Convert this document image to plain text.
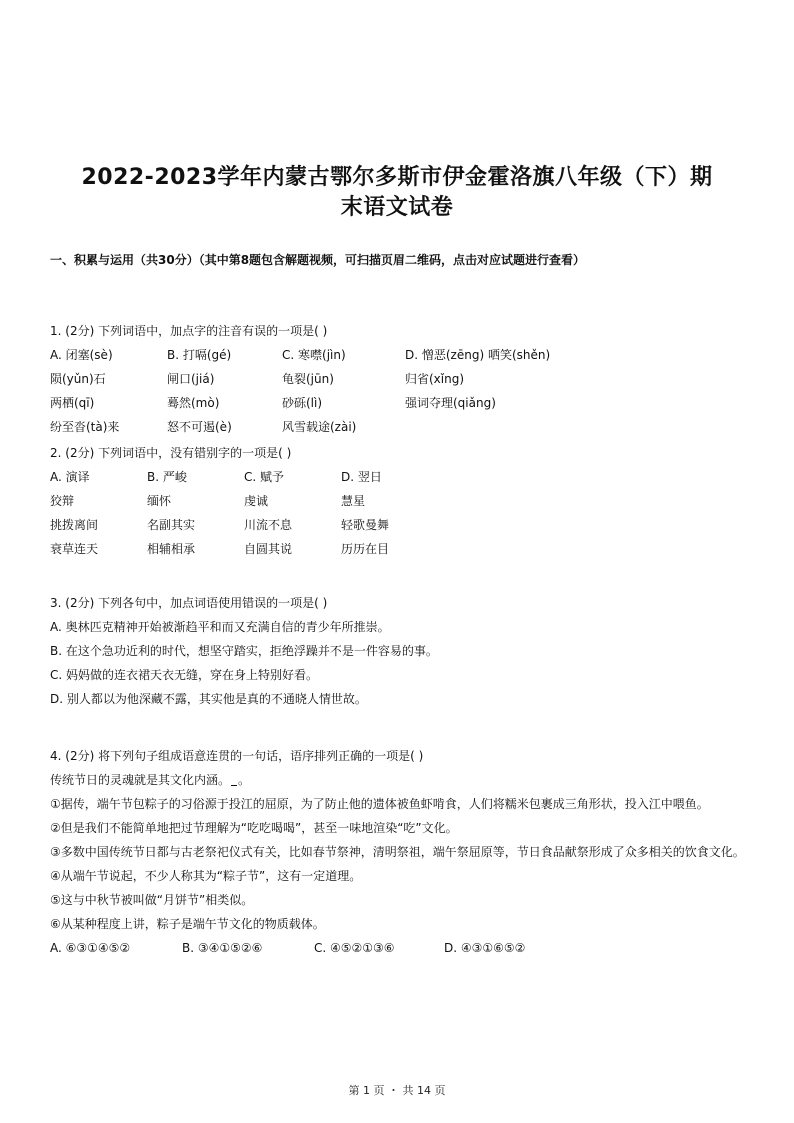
2022-2023学年内蒙古鄂尔多斯市伊金霍洛旗八年级（下）期
末语文试卷
一、积累与运用（共30分）（其中第8题包含解题视频，可扫描页眉二维码，点击对应试题进行查看）
1. (2分) 下列词语中，加点字的注音有误的一项是( )
A. 闭塞(sè)	B. 打嗝(gé)	C. 寒噤(jìn)	D. 憎恶(zēng) 哂笑(shěn)
陨(yǔn)石	闸口(jiá)	龟裂(jūn)	归省(xǐng)
两栖(qī)	蓦然(mò)	砂砾(lì)	强词夺理(qiǎng)
纷至沓(tà)来	怒不可遏(è)	风雪载途(zài)
2. (2分) 下列词语中，没有错别字的一项是( )
A. 演译	B. 严峻	C. 赋予	D. 翌日
狡辩	缅怀	虔诚	慧星
挑拨离间	名副其实	川流不息	轻歌曼舞
衰草连天	相辅相承	自圆其说	历历在目
3. (2分) 下列各句中，加点词语使用错误的一项是( )
A. 奥林匹克精神开始被渐趋平和而又充满自信的青少年所推崇。
B. 在这个急功近利的时代，想坚守踏实，拒绝浮躁并不是一件容易的事。
C. 妈妈做的连衣裙天衣无缝，穿在身上特别好看。
D. 别人都以为他深藏不露，其实他是真的不通晓人情世故。
4. (2分) 将下列句子组成语意连贯的一句话，语序排列正确的一项是( )
传统节日的灵魂就是其文化内涵。 。
①据传，端午节包粽子的习俗源于投江的屈原，为了防止他的遗体被鱼虾啃食，人们将糯米包裹成三角形状，投入江中喂鱼。
②但是我们不能简单地把过节理解为“吃吃喝喝”，甚至一味地渲染“吃”文化。
③多数中国传统节日都与古老祭祀仪式有关，比如春节祭神，清明祭祖，端午祭屈原等，节日食品献祭形成了众多相关的饮食文化。
④从端午节说起，不少人称其为“粽子节”，这有一定道理。
⑤这与中秋节被叫做“月饼节”相类似。
⑥从某种程度上讲，粽子是端午节文化的物质载体。
A. ⑥③①④⑤②	B. ③④①⑤②⑥	C. ④⑤②①③⑥	D. ④③①⑥⑤②
第 1 页 ・ 共 14 页
